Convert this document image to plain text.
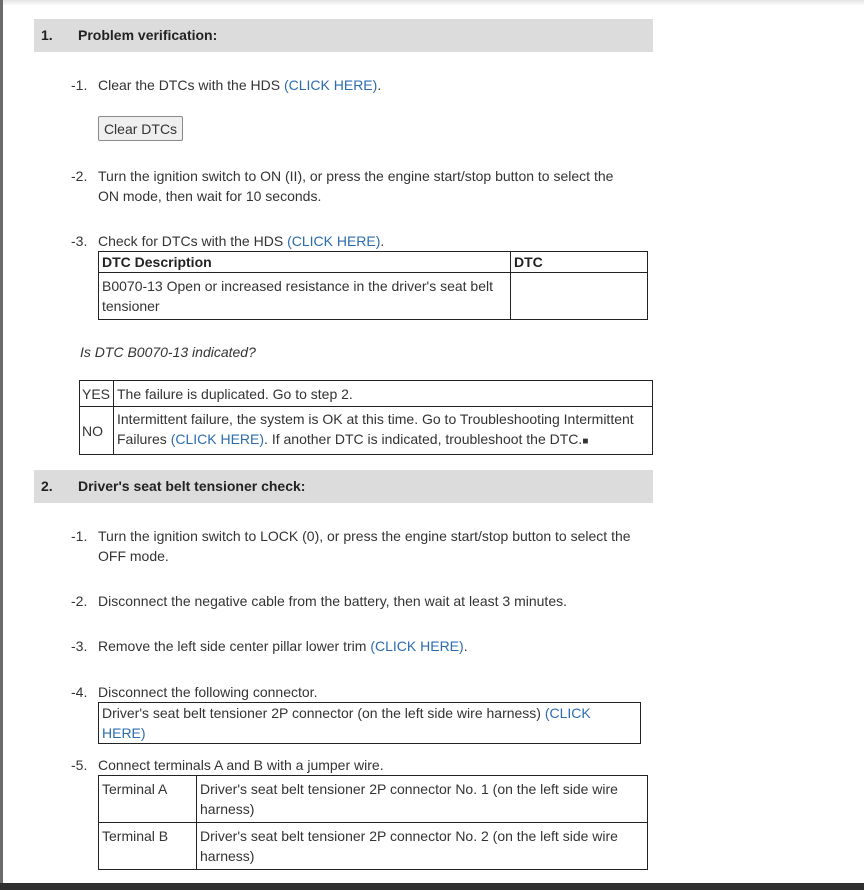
1. Problem verification:
-1. Clear the DTCs with the HDS (CLICK HERE).
Clear DTCs
-2. Turn the ignition switch to ON (II), or press the engine start/stop button to select the
ON mode, then wait for 10 seconds.
-3. Check for DTCs with the HDS (CLICK HERE).
DTC Description	DTC
B0070-13 Open or increased resistance in the driver's seat belt
tensioner	
Is DTC B0070-13 indicated?
YES	The failure is duplicated. Go to step 2.
NO	Intermittent failure, the system is OK at this time. Go to Troubleshooting Intermittent
Failures (CLICK HERE). If another DTC is indicated, troubleshoot the DTC.■
2. Driver's seat belt tensioner check:
-1. Turn the ignition switch to LOCK (0), or press the engine start/stop button to select the
OFF mode.
-2. Disconnect the negative cable from the battery, then wait at least 3 minutes.
-3. Remove the left side center pillar lower trim (CLICK HERE).
-4. Disconnect the following connector.
Driver's seat belt tensioner 2P connector (on the left side wire harness) (CLICK HERE)
-5. Connect terminals A and B with a jumper wire.
Terminal A	Driver's seat belt tensioner 2P connector No. 1 (on the left side wire
harness)
Terminal B	Driver's seat belt tensioner 2P connector No. 2 (on the left side wire
harness)
